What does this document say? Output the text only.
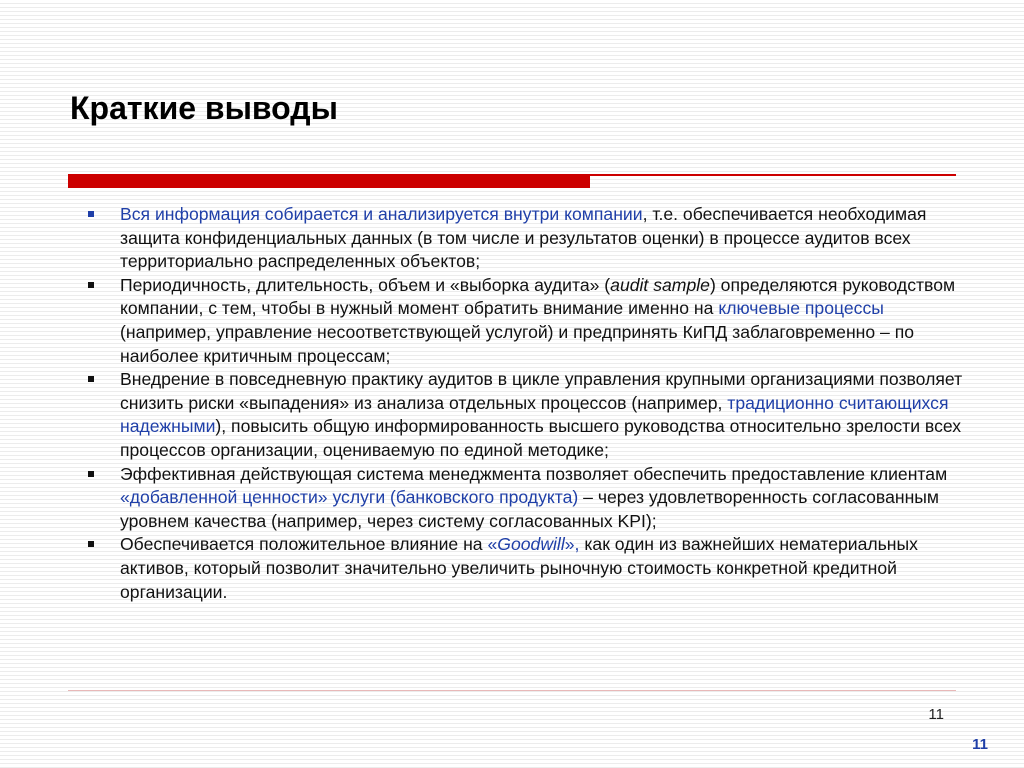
Краткие выводы
Вся информация собирается и анализируется внутри компании, т.е. обеспечивается необходимая защита конфиденциальных данных (в том числе и результатов оценки) в процессе аудитов всех территориально распределенных объектов;
Периодичность, длительность, объем и «выборка аудита» (audit sample) определяются руководством компании, с тем, чтобы в нужный момент обратить внимание именно на ключевые процессы (например, управление несоответствующей услугой) и предпринять КиПД заблаговременно – по наиболее критичным процессам;
Внедрение в повседневную практику аудитов в цикле управления крупными организациями позволяет снизить риски «выпадения» из анализа отдельных процессов (например, традиционно считающихся надежными), повысить общую информированность высшего руководства относительно зрелости всех процессов организации, оцениваемую по единой методике;
Эффективная действующая система менеджмента позволяет обеспечить предоставление клиентам «добавленной ценности» услуги (банковского продукта) – через удовлетворенность согласованным уровнем качества (например, через систему согласованных KPI);
Обеспечивается положительное влияние на «Goodwill», как один из важнейших нематериальных активов, который позволит значительно увеличить рыночную стоимость конкретной кредитной организации.
11
11
